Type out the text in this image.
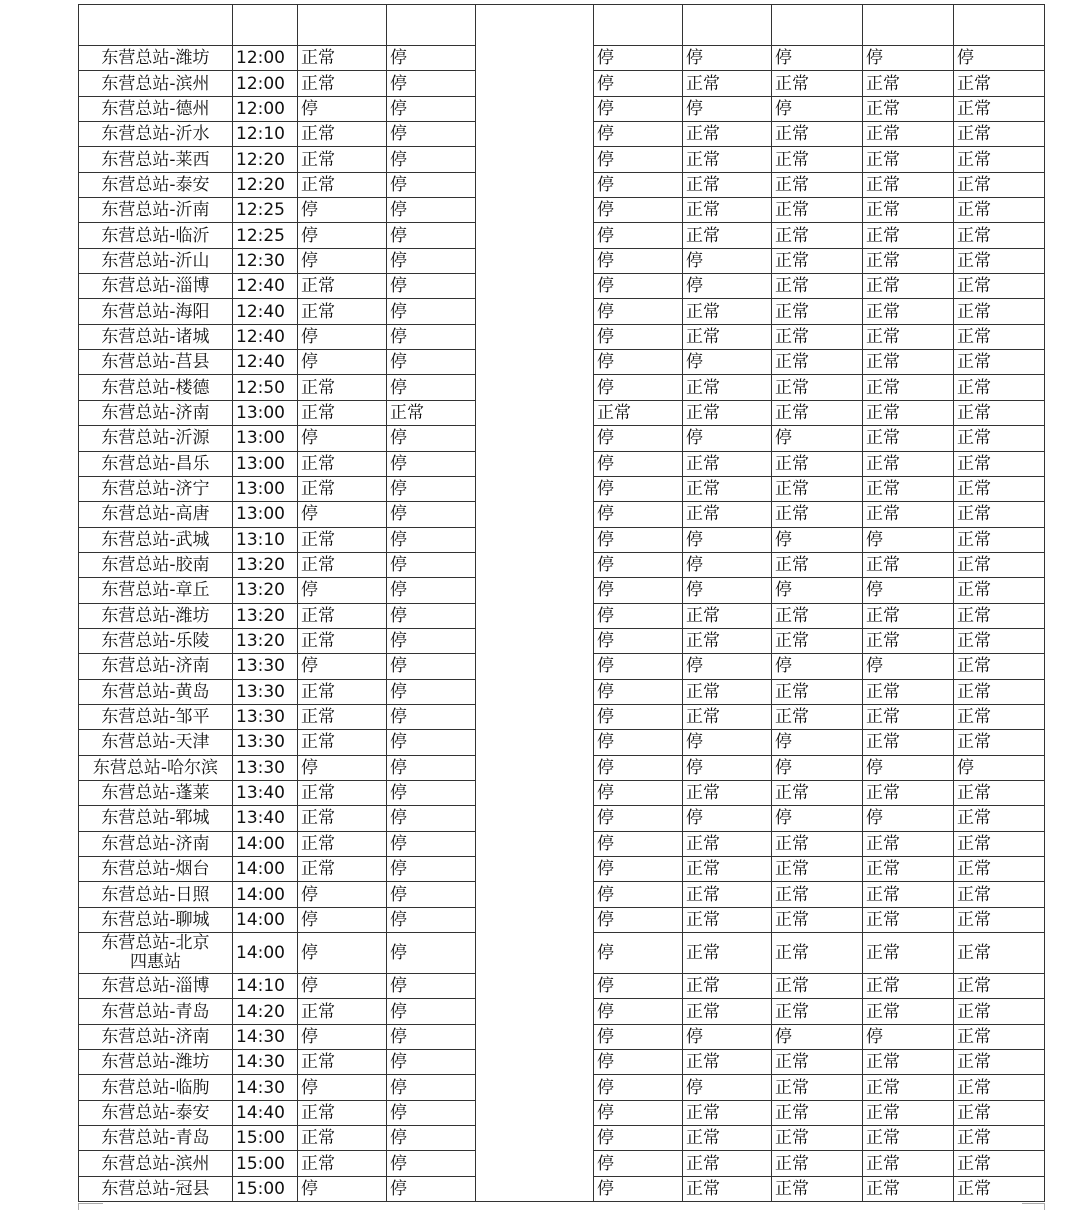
东营总站-潍坊	12:00	正常	停		停	停	停	停	停
东营总站-滨州	12:00	正常	停		停	正常	正常	正常	正常
东营总站-德州	12:00	停	停		停	停	停	正常	正常
东营总站-沂水	12:10	正常	停		停	正常	正常	正常	正常
东营总站-莱西	12:20	正常	停		停	正常	正常	正常	正常
东营总站-泰安	12:20	正常	停		停	正常	正常	正常	正常
东营总站-沂南	12:25	停	停		停	正常	正常	正常	正常
东营总站-临沂	12:25	停	停		停	正常	正常	正常	正常
东营总站-沂山	12:30	停	停		停	停	正常	正常	正常
东营总站-淄博	12:40	正常	停		停	停	正常	正常	正常
东营总站-海阳	12:40	正常	停		停	正常	正常	正常	正常
东营总站-诸城	12:40	停	停		停	正常	正常	正常	正常
东营总站-莒县	12:40	停	停		停	停	正常	正常	正常
东营总站-楼德	12:50	正常	停		停	正常	正常	正常	正常
东营总站-济南	13:00	正常	正常		正常	正常	正常	正常	正常
东营总站-沂源	13:00	停	停		停	停	停	正常	正常
东营总站-昌乐	13:00	正常	停		停	正常	正常	正常	正常
东营总站-济宁	13:00	正常	停		停	正常	正常	正常	正常
东营总站-高唐	13:00	停	停		停	正常	正常	正常	正常
东营总站-武城	13:10	正常	停		停	停	停	停	正常
东营总站-胶南	13:20	正常	停		停	停	正常	正常	正常
东营总站-章丘	13:20	停	停		停	停	停	停	正常
东营总站-潍坊	13:20	正常	停		停	正常	正常	正常	正常
东营总站-乐陵	13:20	正常	停		停	正常	正常	正常	正常
东营总站-济南	13:30	停	停		停	停	停	停	正常
东营总站-黄岛	13:30	正常	停		停	正常	正常	正常	正常
东营总站-邹平	13:30	正常	停		停	正常	正常	正常	正常
东营总站-天津	13:30	正常	停		停	停	停	正常	正常
东营总站-哈尔滨	13:30	停	停		停	停	停	停	停
东营总站-蓬莱	13:40	正常	停		停	正常	正常	正常	正常
东营总站-郓城	13:40	正常	停		停	停	停	停	正常
东营总站-济南	14:00	正常	停		停	正常	正常	正常	正常
东营总站-烟台	14:00	正常	停		停	正常	正常	正常	正常
东营总站-日照	14:00	停	停		停	正常	正常	正常	正常
东营总站-聊城	14:00	停	停		停	正常	正常	正常	正常

东营总站-北京
四惠站	14:00	停	停		停	正常	正常	正常	正常
东营总站-淄博	14:10	停	停		停	正常	正常	正常	正常
东营总站-青岛	14:20	正常	停		停	正常	正常	正常	正常
东营总站-济南	14:30	停	停		停	停	停	停	正常
东营总站-潍坊	14:30	正常	停		停	正常	正常	正常	正常
东营总站-临朐	14:30	停	停		停	停	正常	正常	正常
东营总站-泰安	14:40	正常	停		停	正常	正常	正常	正常
东营总站-青岛	15:00	正常	停		停	正常	正常	正常	正常
东营总站-滨州	15:00	正常	停		停	正常	正常	正常	正常
东营总站-冠县	15:00	停	停		停	正常	正常	正常	正常
